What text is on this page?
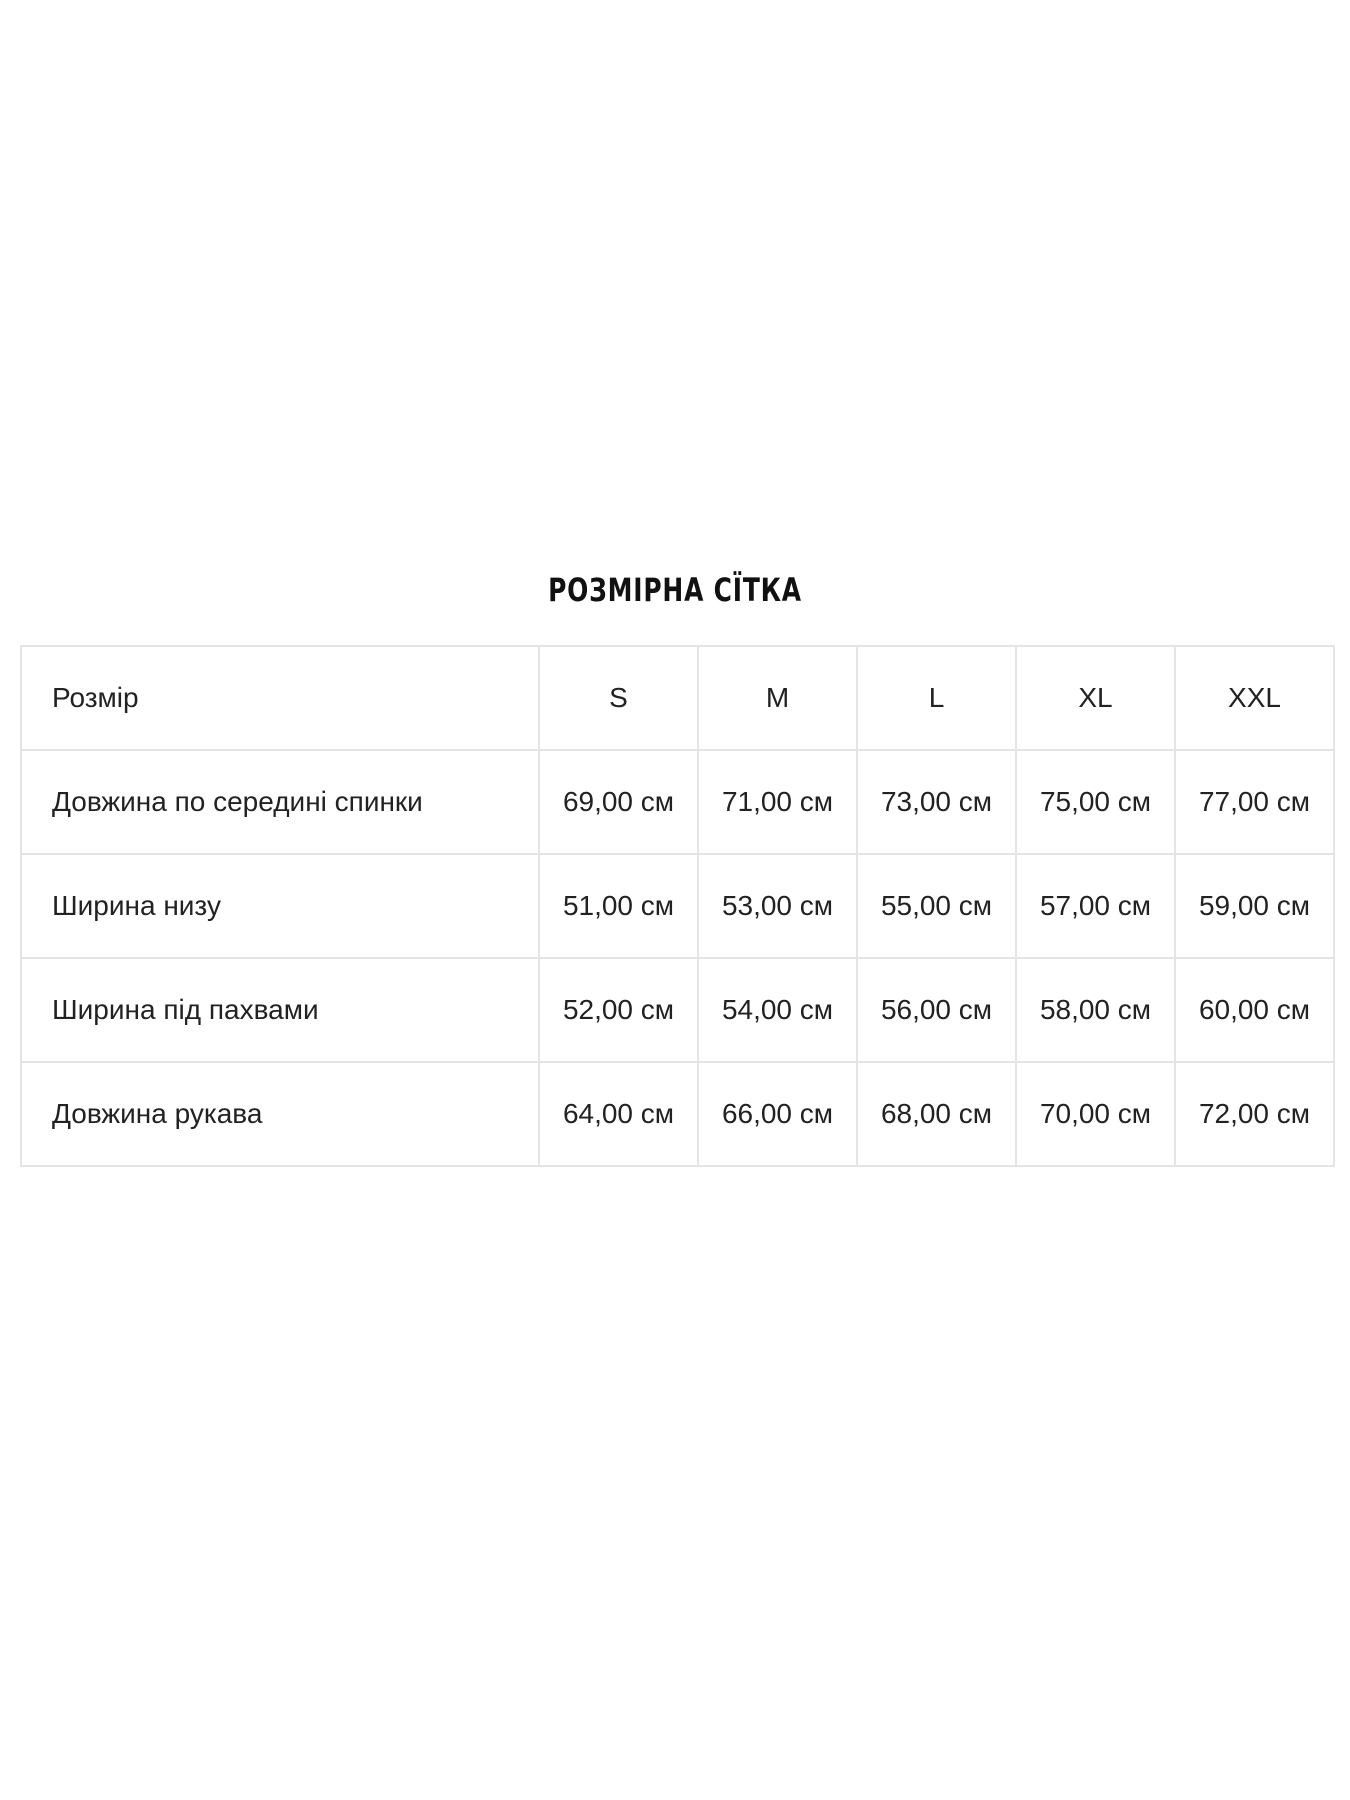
РОЗМІРНА СЇТКА
Розмір	S	M	L	XL	XXL
Довжина по середині спинки	69,00 см	71,00 см	73,00 см	75,00 см	77,00 см
Ширина низу	51,00 см	53,00 см	55,00 см	57,00 см	59,00 см
Ширина під пахвами	52,00 см	54,00 см	56,00 см	58,00 см	60,00 см
Довжина рукава	64,00 см	66,00 см	68,00 см	70,00 см	72,00 см
